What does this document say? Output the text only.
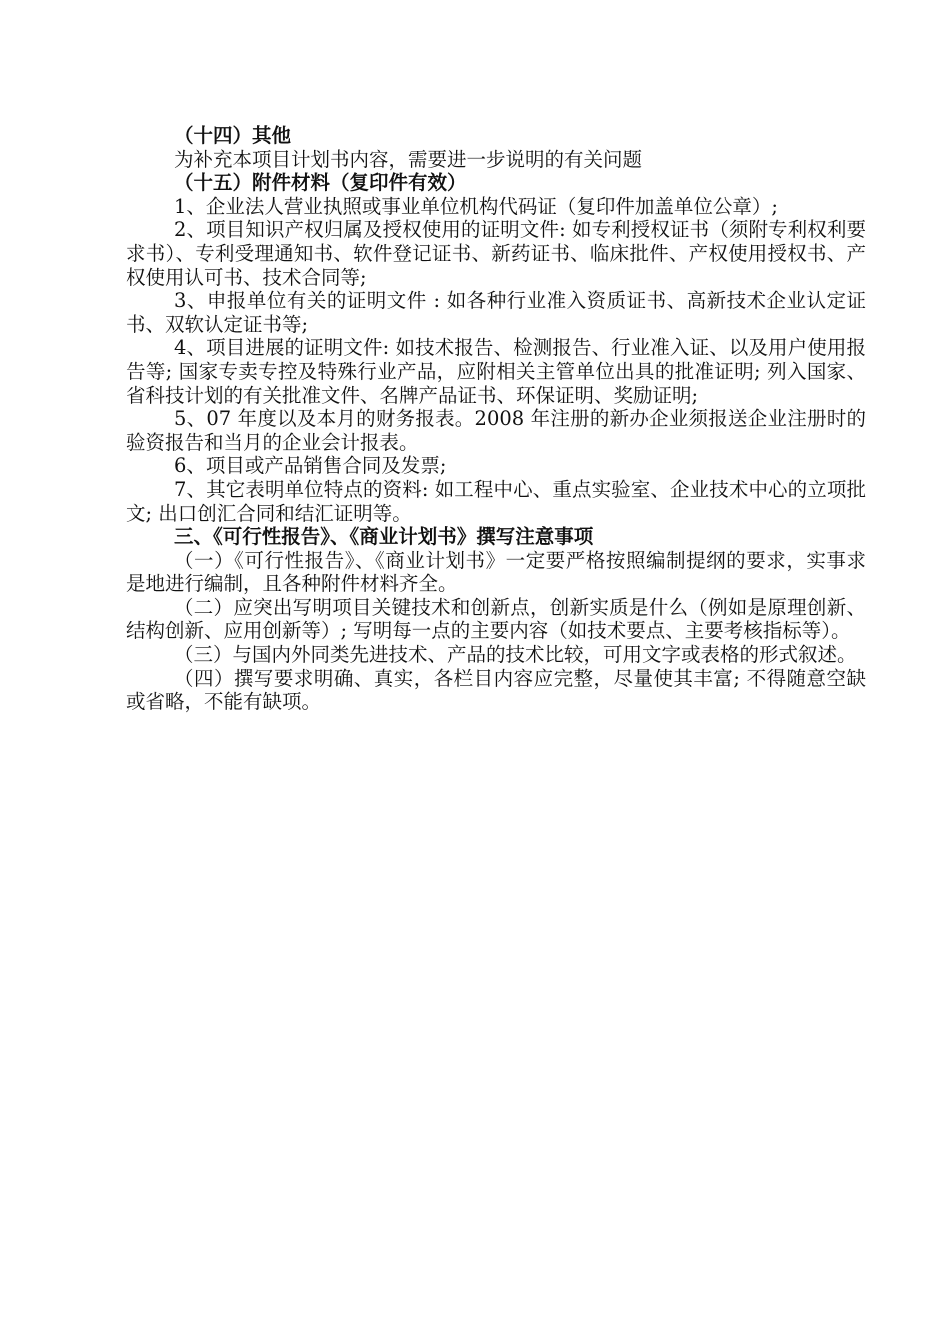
（十四）其他

为补充本项目计划书内容，需要进一步说明的有关问题

（十五）附件材料（复印件有效）

1、企业法人营业执照或事业单位机构代码证（复印件加盖单位公章）;

2、项目知识产权归属及授权使用的证明文件: 如专利授权证书（须附专利权利要求书）、专利受理通知书、软件登记证书、新药证书、临床批件、产权使用授权书、产权使用认可书、技术合同等;

3、申报单位有关的证明文件 : 如各种行业准入资质证书、高新技术企业认定证书、双软认定证书等;

4、项目进展的证明文件: 如技术报告、检测报告、行业准入证、以及用户使用报告等; 国家专卖专控及特殊行业产品，应附相关主管单位出具的批准证明; 列入国家、省科技计划的有关批准文件、名牌产品证书、环保证明、奖励证明;

5、07 年度以及本月的财务报表。2008 年注册的新办企业须报送企业注册时的验资报告和当月的企业会计报表。

6、项目或产品销售合同及发票;

7、其它表明单位特点的资料: 如工程中心、重点实验室、企业技术中心的立项批文; 出口创汇合同和结汇证明等。

三、《可行性报告》、《商业计划书》撰写注意事项

（一）《可行性报告》、《商业计划书》一定要严格按照编制提纲的要求，实事求是地进行编制，且各种附件材料齐全。

（二）应突出写明项目关键技术和创新点，创新实质是什么（例如是原理创新、结构创新、应用创新等）; 写明每一点的主要内容（如技术要点、主要考核指标等）。

（三）与国内外同类先进技术、产品的技术比较，可用文字或表格的形式叙述。

（四）撰写要求明确、真实，各栏目内容应完整，尽量使其丰富; 不得随意空缺或省略，不能有缺项。
